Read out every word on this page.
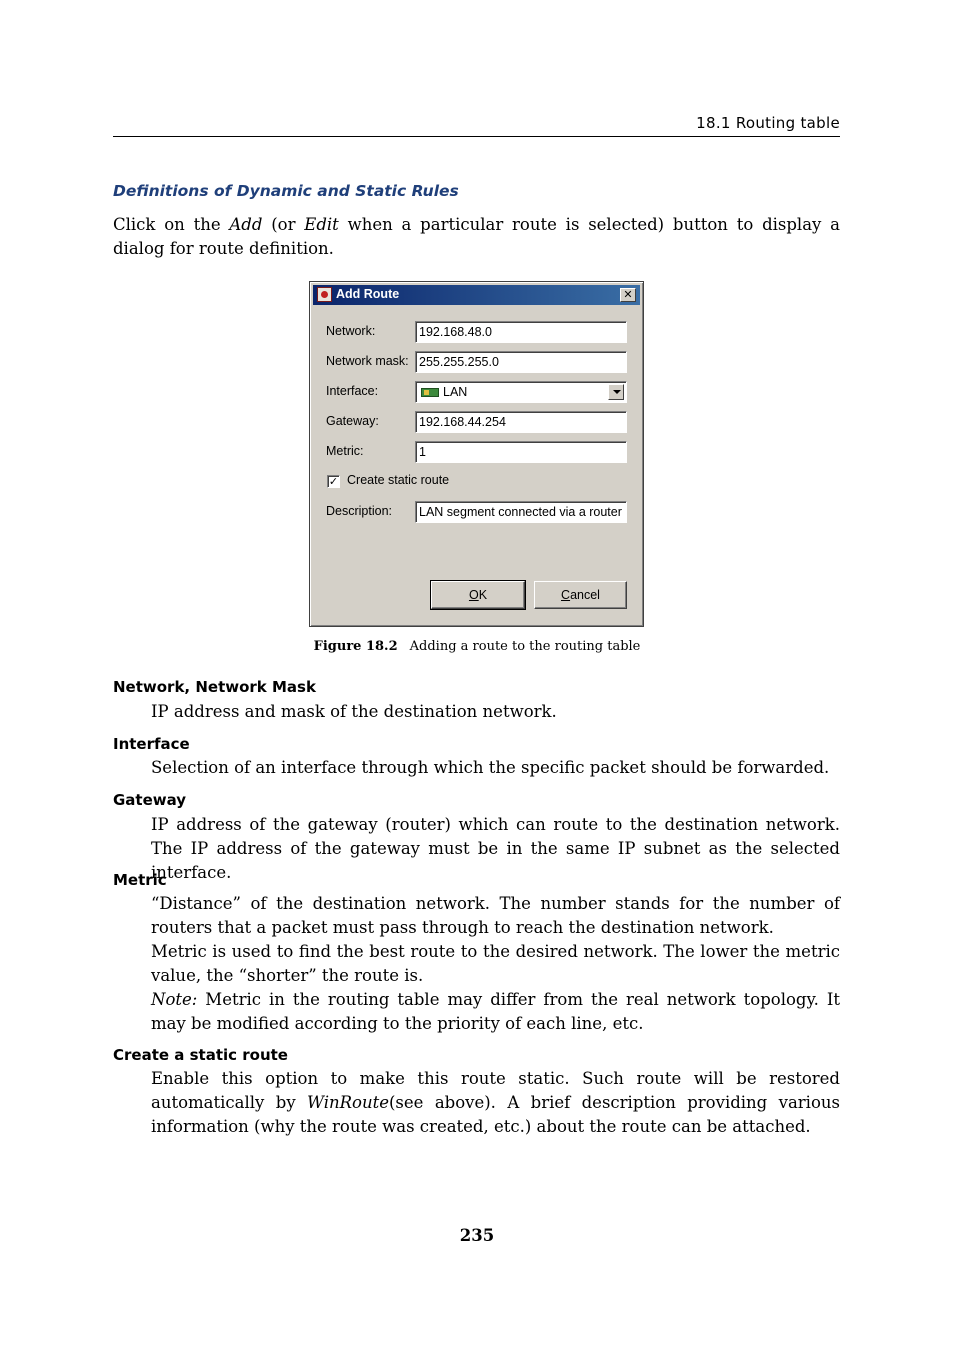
18.1 Routing table
Definitions of Dynamic and Static Rules
Click on the Add (or Edit when a particular route is selected) button to display a dialog for route definition.
Add Route	✕
Network:	192.168.48.0
Network mask: 255.255.255.0
Interface:	LAN
Gateway:	192.168.44.254
Metric:	1
✓ Create static route
Description:	LAN segment connected via a router
OK	Cancel
Figure 18.2 Adding a route to the routing table
Network, Network Mask
IP address and mask of the destination network.
Interface
Selection of an interface through which the specific packet should be forwarded.
Gateway
IP address of the gateway (router) which can route to the destination network. The IP address of the gateway must be in the same IP subnet as the selected interface.
Metric
“Distance” of the destination network. The number stands for the number of routers that a packet must pass through to reach the destination network.
Metric is used to find the best route to the desired network. The lower the metric value, the “shorter” the route is.
Note: Metric in the routing table may differ from the real network topology. It may be modified according to the priority of each line, etc.
Create a static route
Enable this option to make this route static. Such route will be restored automatically by WinRoute(see above). A brief description providing various information (why the route was created, etc.) about the route can be attached.
235
